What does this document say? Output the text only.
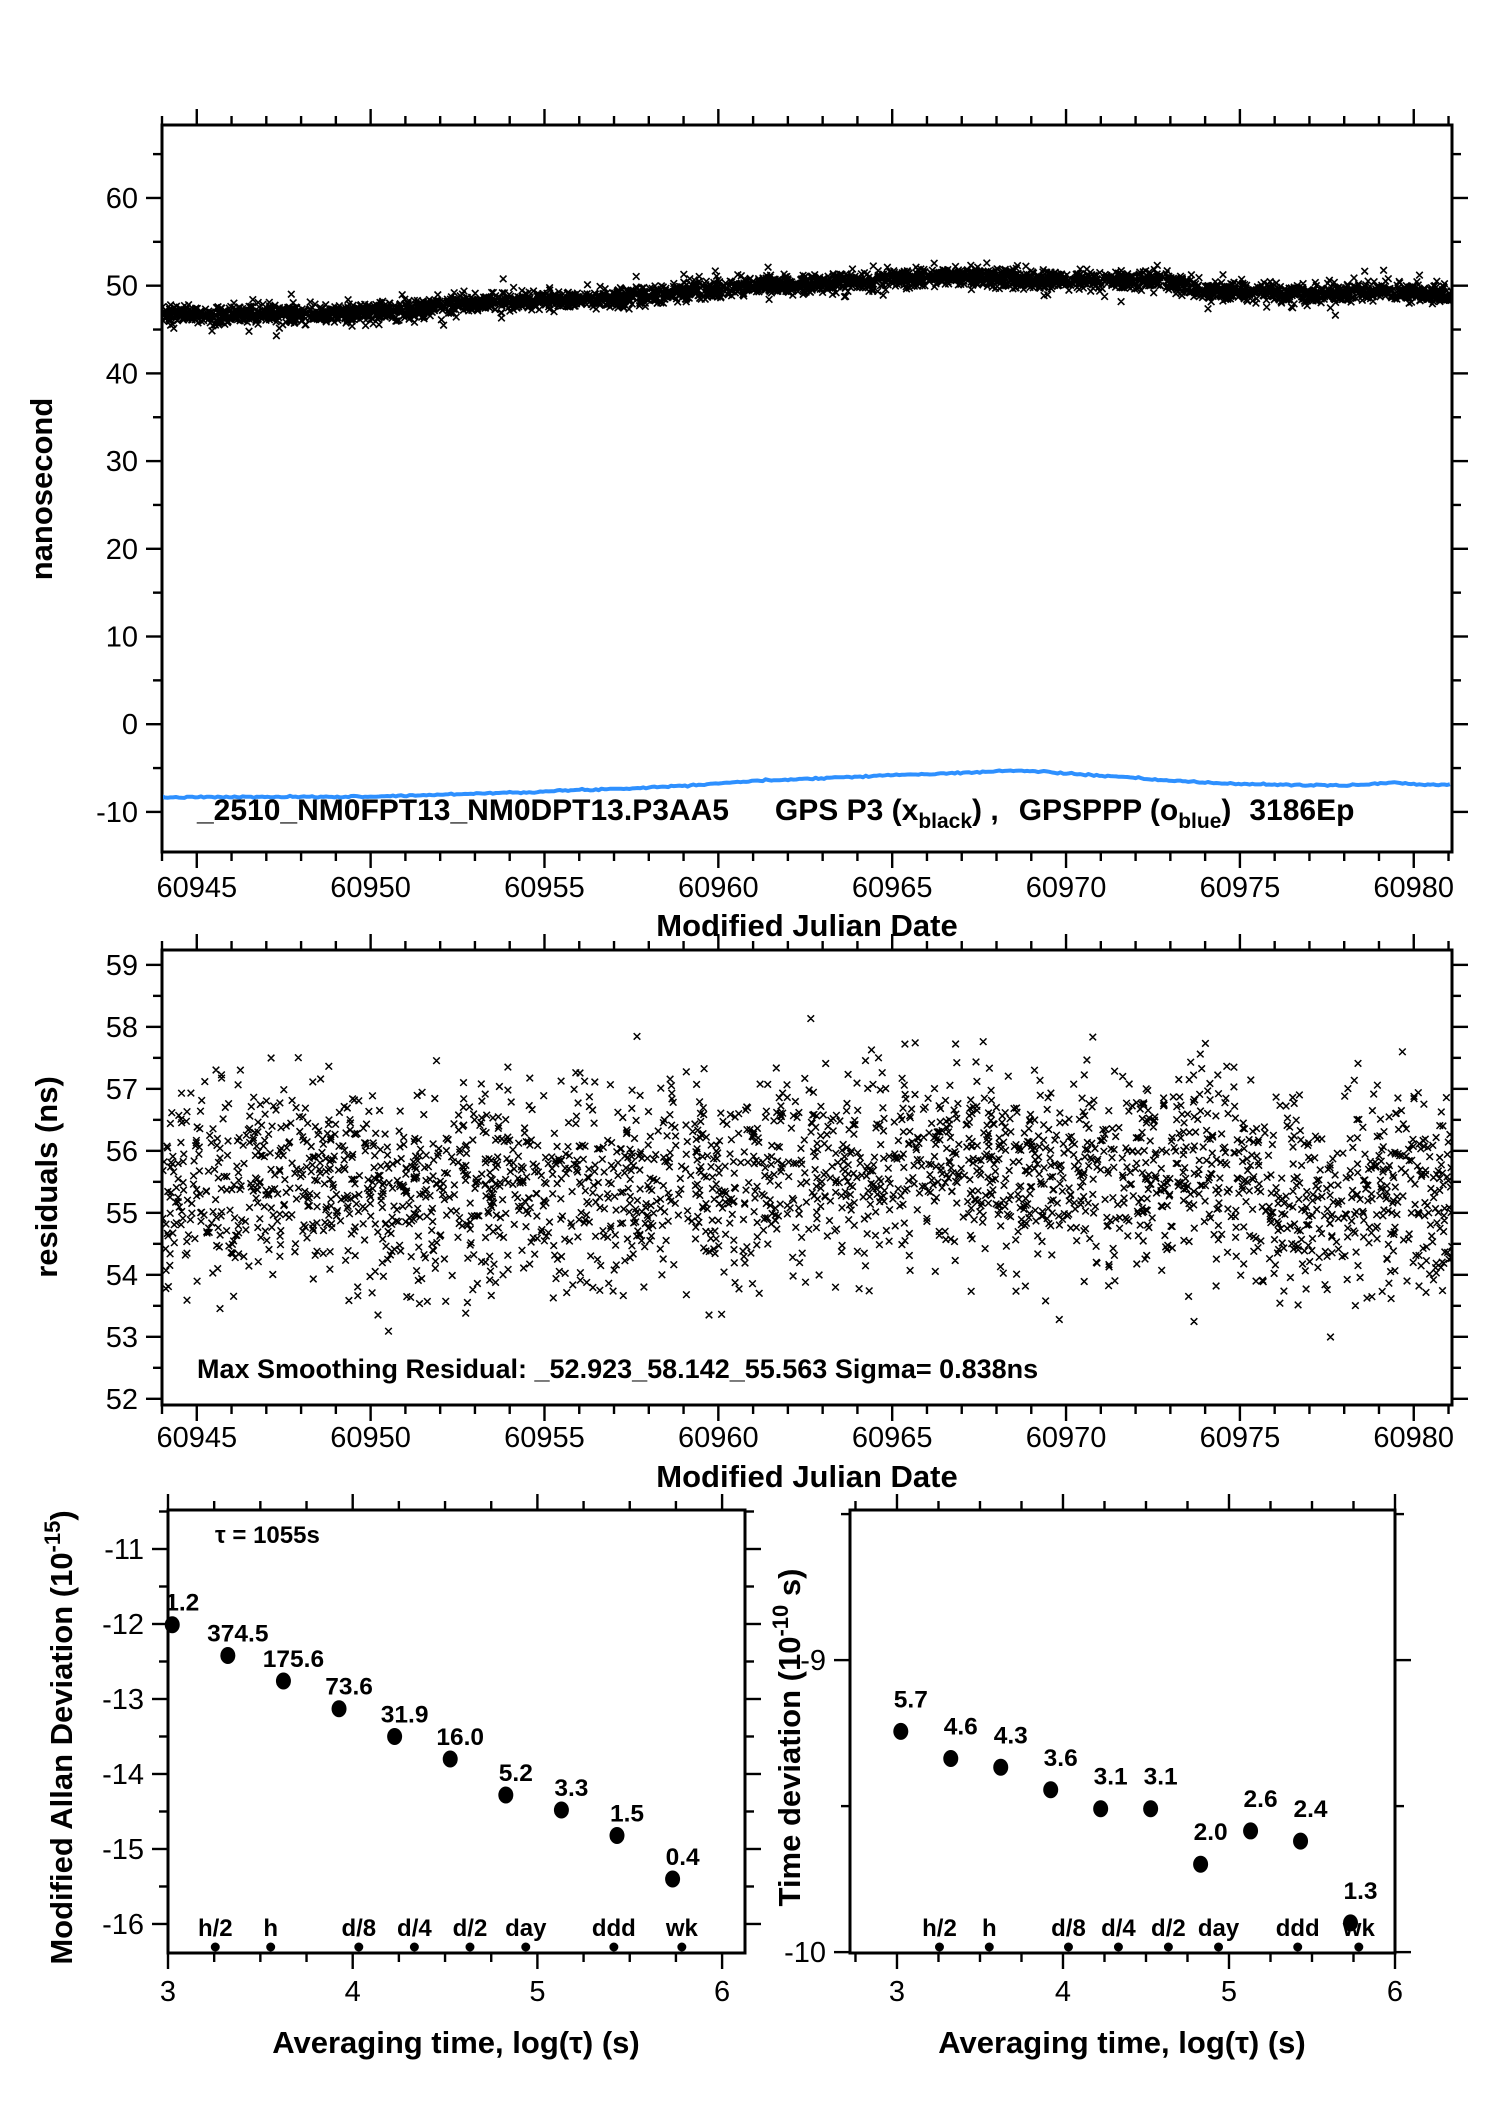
60945	60950	60955	60960	60965	60970	60975	60980
60
50
40
30
20
10
0
-10 _2510_NM0FPT13_NM0DPT13.P3AA5 GPS P3 $(x_{black})$ , GPSPPP $(o_{blue})$ 3186Ep
60945	60950	60955	60960	60965	60970	60975	60980
59
58
57
56
55
54
53
52
3	4	5	6
-11
-12
-13
-14
-15
-16
1.2
374.5
175.6
73.6
31.9
16.0
5.2
3.3
1.5
0.4
h/2 h	d/8 d/4 d/2 day ddd wk
3	4	5	6
-9
-10
5.7
4.6 4.3
3.6
3.1 3.1
2.0
2.6 2.4
1.3
h/2 h d/8 d/4 d/2 day ddd wk
nanosecond
Modified Julian Date
residuals (ns)
Modified Julian Date
Max Smoothing Residual: _52.923_58.142_55.563 Sigma= 0.838ns
Averaging time, log(τ) (s)
τ = 1055s
Averaging time, log(τ) (s)
Modified Allan Deviation $(10^{-15})$
Time deviation ($10^{-10}$ s)
